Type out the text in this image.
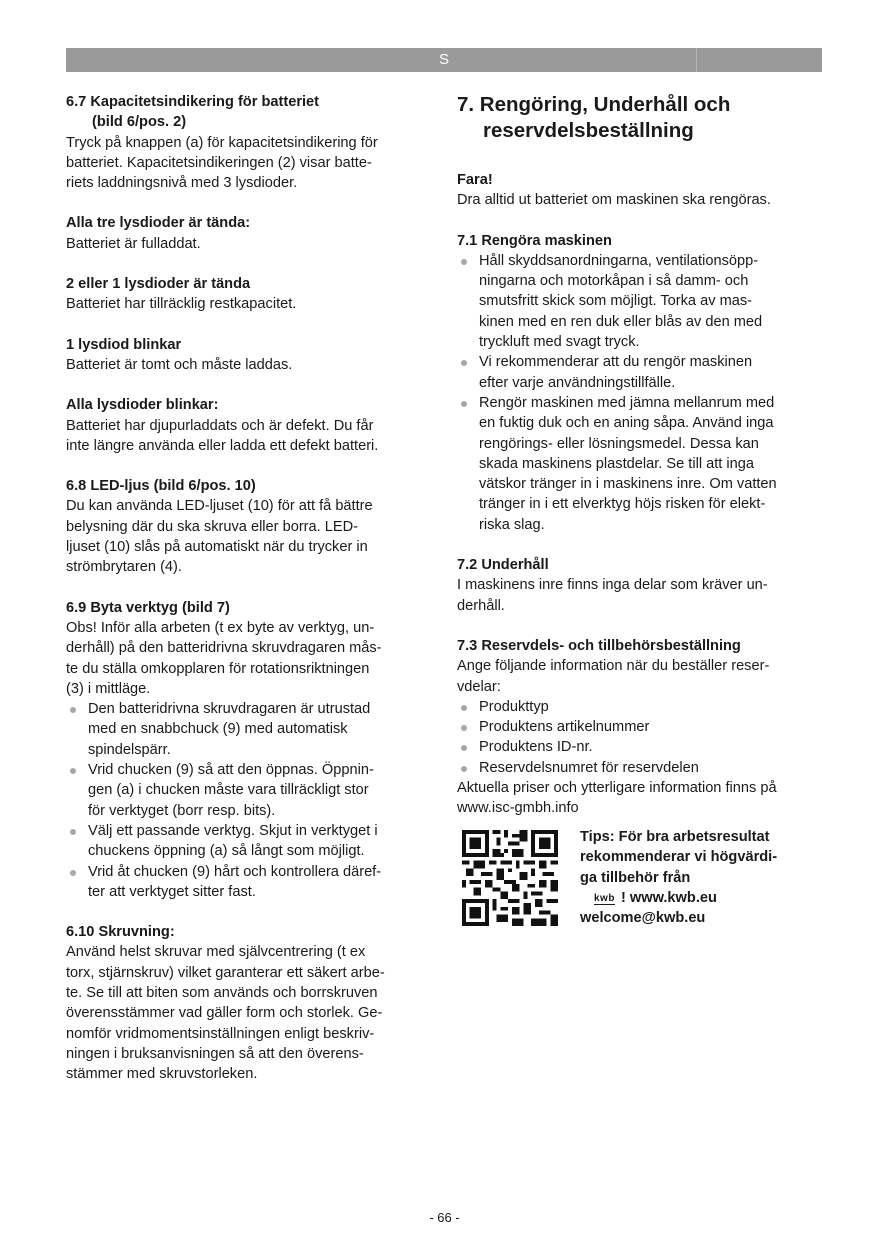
S
6.7 Kapacitetsindikering för batteriet
(bild 6/pos. 2)
Tryck på knappen (a) för kapacitetsindikering för
batteriet. Kapacitetsindikeringen (2) visar batte-
riets laddningsnivå med 3 lysdioder.
Alla tre lysdioder är tända:
Batteriet är fulladdat.
2 eller 1 lysdioder är tända
Batteriet har tillräcklig restkapacitet.
1 lysdiod blinkar
Batteriet är tomt och måste laddas.
Alla lysdioder blinkar:
Batteriet har djupurladdats och är defekt. Du får
inte längre använda eller ladda ett defekt batteri.
6.8 LED-ljus (bild 6/pos. 10)
Du kan använda LED-ljuset (10) för att få bättre
belysning där du ska skruva eller borra. LED-
ljuset (10) slås på automatiskt när du trycker in
strömbrytaren (4).
6.9 Byta verktyg (bild 7)
Obs! Inför alla arbeten (t ex byte av verktyg, un-
derhåll) på den batteridrivna skruvdragaren mås-
te du ställa omkopplaren för rotationsriktningen
(3) i mittläge.
Den batteridrivna skruvdragaren är utrustad
med en snabbchuck (9) med automatisk
spindelspärr.
Vrid chucken (9) så att den öppnas. Öppnin-
gen (a) i chucken måste vara tillräckligt stor
för verktyget (borr resp. bits).
Välj ett passande verktyg. Skjut in verktyget i
chuckens öppning (a) så långt som möjligt.
Vrid åt chucken (9) hårt och kontrollera däref-
ter att verktyget sitter fast.
6.10 Skruvning:
Använd helst skruvar med självcentrering (t ex
torx, stjärnskruv) vilket garanterar ett säkert arbe-
te. Se till att biten som används och borrskruven
överensstämmer vad gäller form och storlek. Ge-
nomför vridmomentsinställningen enligt beskriv-
ningen i bruksanvisningen så att den överens-
stämmer med skruvstorleken.
7. Rengöring, Underhåll och
reservdelsbeställning
Fara!
Dra alltid ut batteriet om maskinen ska rengöras.
7.1 Rengöra maskinen
Håll skyddsanordningarna, ventilationsöpp-
ningarna och motorkåpan i så damm- och
smutsfritt skick som möjligt. Torka av mas-
kinen med en ren duk eller blås av den med
tryckluft med svagt tryck.
Vi rekommenderar att du rengör maskinen
efter varje användningstillfälle.
Rengör maskinen med jämna mellanrum med
en fuktig duk och en aning såpa. Använd inga
rengörings- eller lösningsmedel. Dessa kan
skada maskinens plastdelar. Se till att inga
vätskor tränger in i maskinens inre. Om vatten
tränger in i ett elverktyg höjs risken för elekt-
riska slag.
7.2 Underhåll
I maskinens inre finns inga delar som kräver un-
derhåll.
7.3 Reservdels- och tillbehörsbeställning
Ange följande information när du beställer reser-
vdelar:
Produkttyp
Produktens artikelnummer
Produktens ID-nr.
Reservdelsnumret för reservdelen
Aktuella priser och ytterligare information finns på
www.isc-gmbh.info
Tips: För bra arbetsresultat
rekommenderar vi högvärdi-
ga tillbehör från
kwb ! www.kwb.eu
welcome@kwb.eu
- 66 -
